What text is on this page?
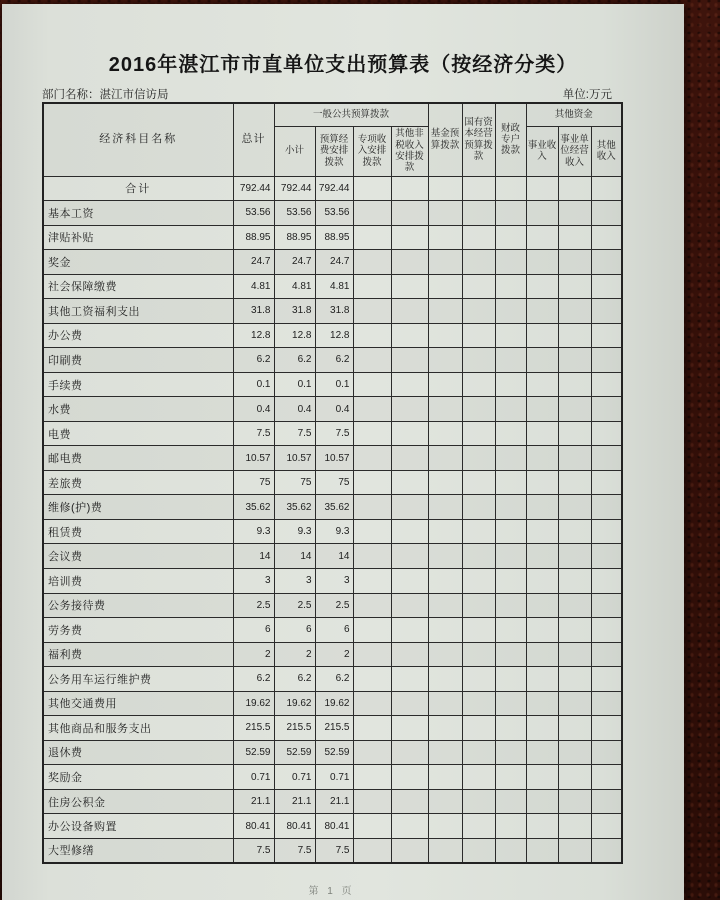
2016年湛江市市直单位支出预算表（按经济分类）
部门名称：湛江市信访局	单位:万元
经济科目名称	总计	一般公共预算拨款				基金预算拨款	国有资本经营预算拨款	财政专户拨款	其他资金		
		小计	预算经费安排拨款	专项收入安排拨款	其他非税收入安排拨款				事业收入	事业单位经营收入	其他收入
合计	792.44	792.44	792.44								
基本工资	53.56	53.56	53.56								
津贴补贴	88.95	88.95	88.95								
奖金	24.7	24.7	24.7								
社会保障缴费	4.81	4.81	4.81								
其他工资福利支出	31.8	31.8	31.8								
办公费	12.8	12.8	12.8								
印刷费	6.2	6.2	6.2								
手续费	0.1	0.1	0.1								
水费	0.4	0.4	0.4								
电费	7.5	7.5	7.5								
邮电费	10.57	10.57	10.57								
差旅费	75	75	75								
维修(护)费	35.62	35.62	35.62								
租赁费	9.3	9.3	9.3								
会议费	14	14	14								
培训费	3	3	3								
公务接待费	2.5	2.5	2.5								
劳务费	6	6	6								
福利费	2	2	2								
公务用车运行维护费	6.2	6.2	6.2								
其他交通费用	19.62	19.62	19.62								
其他商品和服务支出	215.5	215.5	215.5								
退休费	52.59	52.59	52.59								
奖励金	0.71	0.71	0.71								
住房公积金	21.1	21.1	21.1								
办公设备购置	80.41	80.41	80.41								
大型修缮	7.5	7.5	7.5								
第 1 页
